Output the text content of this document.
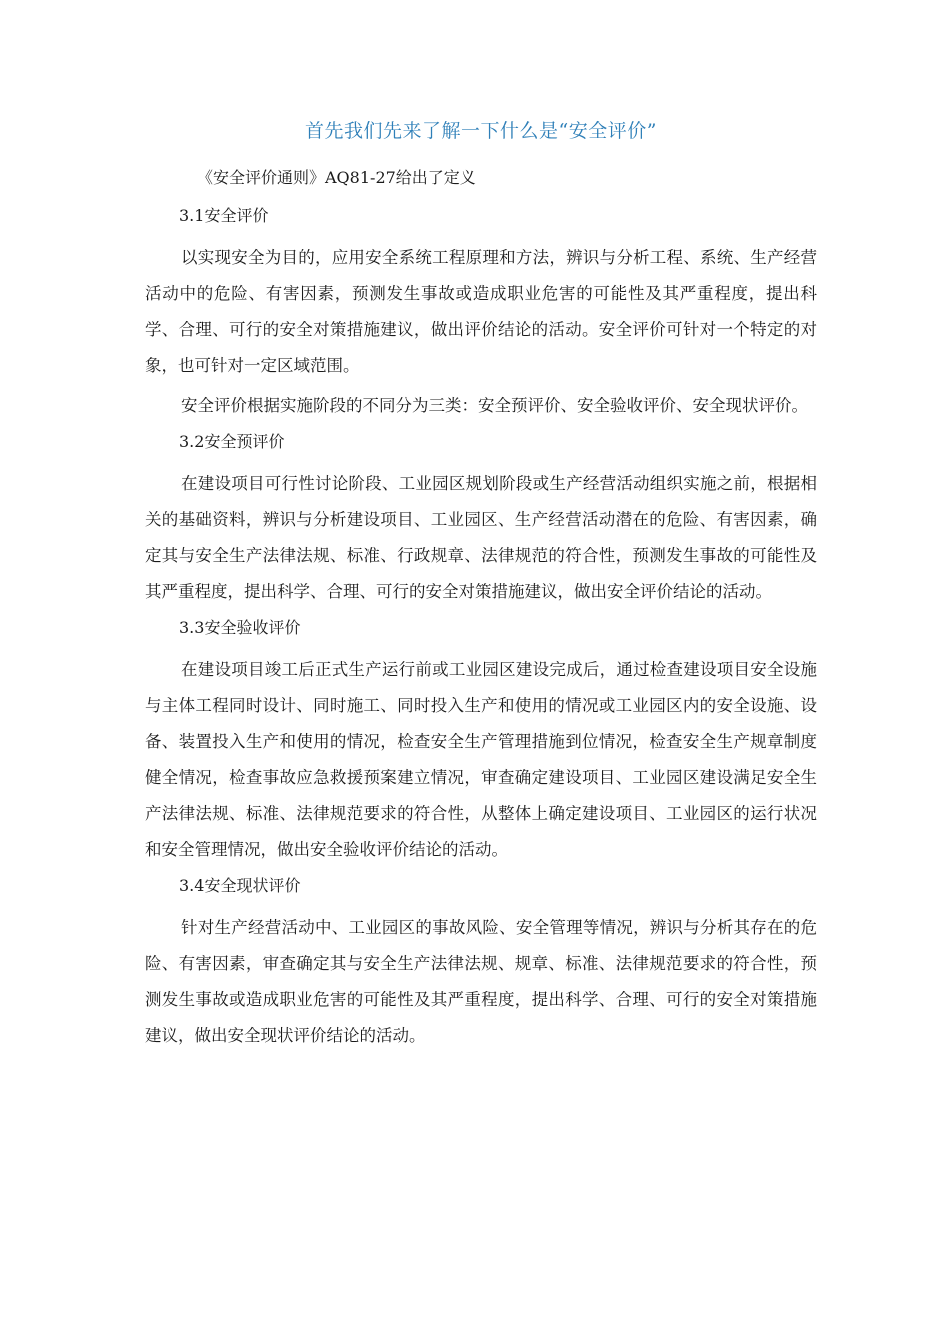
首先我们先来了解一下什么是“安全评价”
《安全评价通则》AQ81-27给出了定义
3.1安全评价

以实现安全为目的，应用安全系统工程原理和方法，辨识与分析工程、系统、生产经营活动中的危险、有害因素，预测发生事故或造成职业危害的可能性及其严重程度，提出科学、合理、可行的安全对策措施建议，做出评价结论的活动。安全评价可针对一个特定的对象，也可针对一定区域范围。

安全评价根据实施阶段的不同分为三类：安全预评价、安全验收评价、安全现状评价。

3.2安全预评价

在建设项目可行性讨论阶段、工业园区规划阶段或生产经营活动组织实施之前，根据相关的基础资料，辨识与分析建设项目、工业园区、生产经营活动潜在的危险、有害因素，确定其与安全生产法律法规、标准、行政规章、法律规范的符合性，预测发生事故的可能性及其严重程度，提出科学、合理、可行的安全对策措施建议，做出安全评价结论的活动。

3.3安全验收评价

在建设项目竣工后正式生产运行前或工业园区建设完成后，通过检查建设项目安全设施与主体工程同时设计、同时施工、同时投入生产和使用的情况或工业园区内的安全设施、设备、装置投入生产和使用的情况，检查安全生产管理措施到位情况，检查安全生产规章制度健全情况，检查事故应急救援预案建立情况，审查确定建设项目、工业园区建设满足安全生产法律法规、标准、法律规范要求的符合性，从整体上确定建设项目、工业园区的运行状况和安全管理情况，做出安全验收评价结论的活动。

3.4安全现状评价

针对生产经营活动中、工业园区的事故风险、安全管理等情况，辨识与分析其存在的危险、有害因素，审查确定其与安全生产法律法规、规章、标准、法律规范要求的符合性，预测发生事故或造成职业危害的可能性及其严重程度，提出科学、合理、可行的安全对策措施建议，做出安全现状评价结论的活动。
